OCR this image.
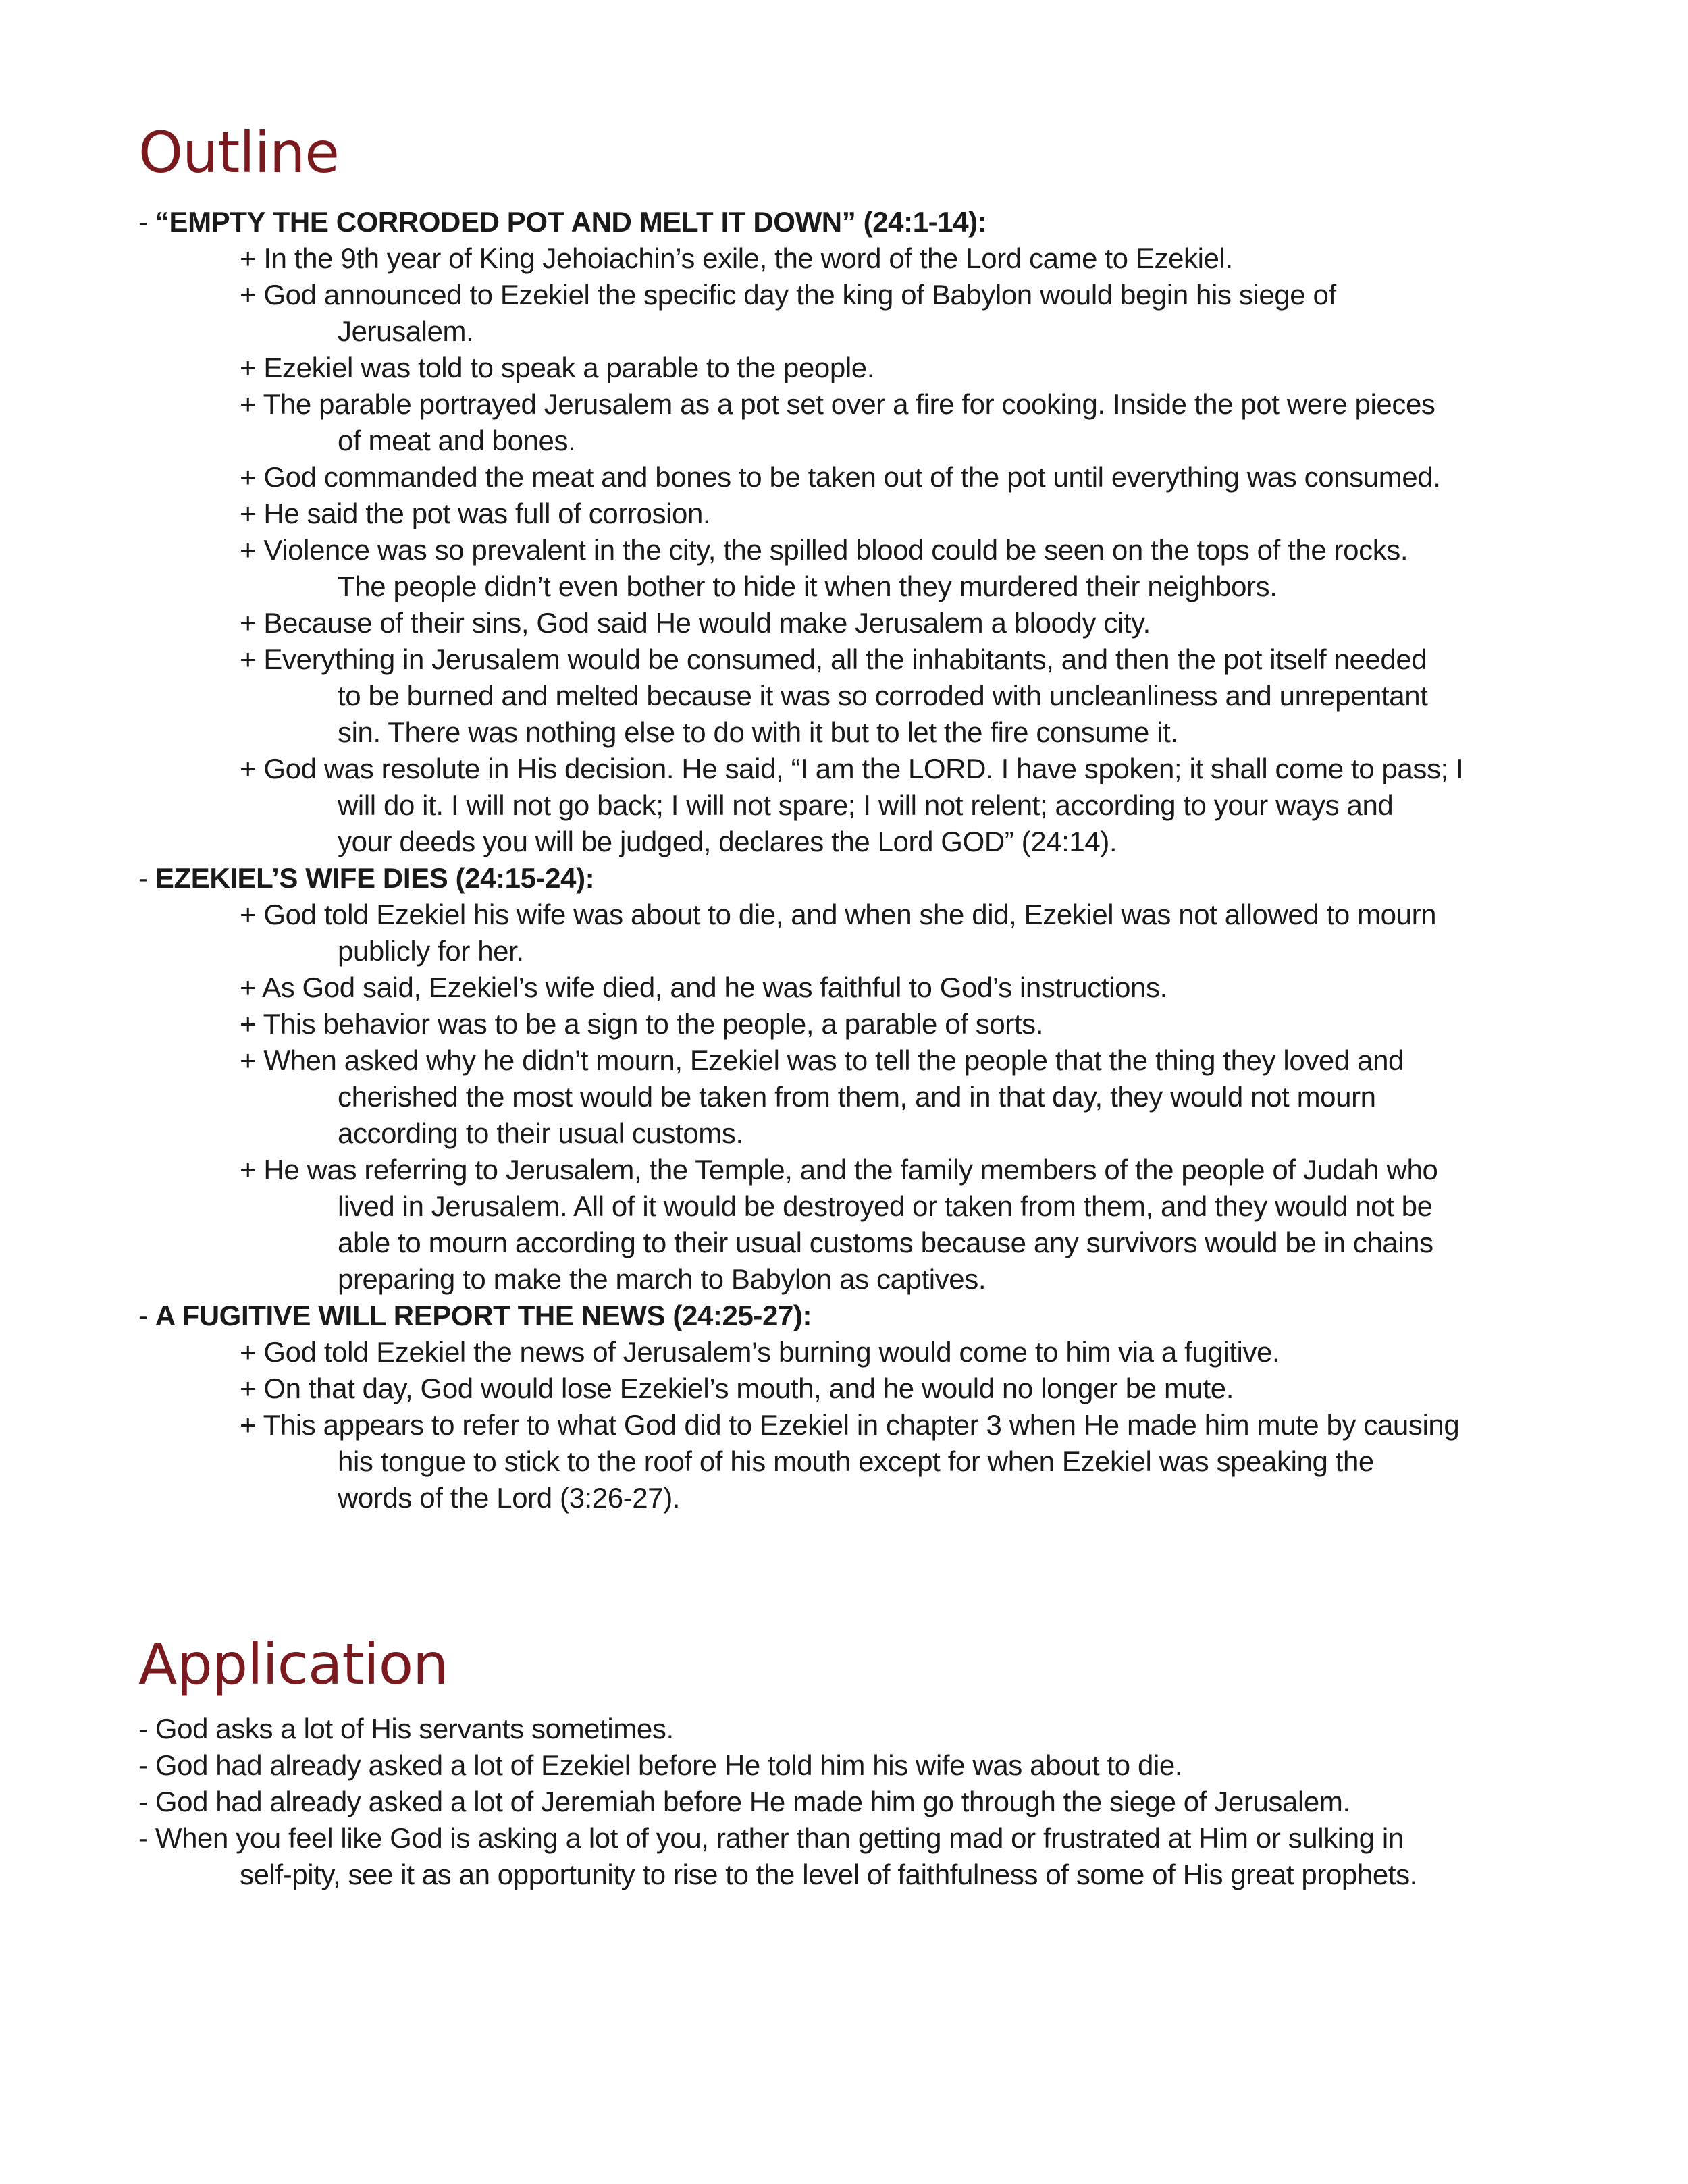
Outline
- “EMPTY THE CORRODED POT AND MELT IT DOWN” (24:1-14):
+ In the 9th year of King Jehoiachin’s exile, the word of the Lord came to Ezekiel.
+ God announced to Ezekiel the specific day the king of Babylon would begin his siege of
Jerusalem.
+ Ezekiel was told to speak a parable to the people.
+ The parable portrayed Jerusalem as a pot set over a fire for cooking. Inside the pot were pieces
of meat and bones.
+ God commanded the meat and bones to be taken out of the pot until everything was consumed.
+ He said the pot was full of corrosion.
+ Violence was so prevalent in the city, the spilled blood could be seen on the tops of the rocks.
The people didn’t even bother to hide it when they murdered their neighbors.
+ Because of their sins, God said He would make Jerusalem a bloody city.
+ Everything in Jerusalem would be consumed, all the inhabitants, and then the pot itself needed
to be burned and melted because it was so corroded with uncleanliness and unrepentant
sin. There was nothing else to do with it but to let the fire consume it.
+ God was resolute in His decision. He said, “I am the LORD. I have spoken; it shall come to pass; I
will do it. I will not go back; I will not spare; I will not relent; according to your ways and
your deeds you will be judged, declares the Lord GOD” (24:14).
- EZEKIEL’S WIFE DIES (24:15-24):
+ God told Ezekiel his wife was about to die, and when she did, Ezekiel was not allowed to mourn
publicly for her.
+ As God said, Ezekiel’s wife died, and he was faithful to God’s instructions.
+ This behavior was to be a sign to the people, a parable of sorts.
+ When asked why he didn’t mourn, Ezekiel was to tell the people that the thing they loved and
cherished the most would be taken from them, and in that day, they would not mourn
according to their usual customs.
+ He was referring to Jerusalem, the Temple, and the family members of the people of Judah who
lived in Jerusalem. All of it would be destroyed or taken from them, and they would not be
able to mourn according to their usual customs because any survivors would be in chains
preparing to make the march to Babylon as captives.
- A FUGITIVE WILL REPORT THE NEWS (24:25-27):
+ God told Ezekiel the news of Jerusalem’s burning would come to him via a fugitive.
+ On that day, God would lose Ezekiel’s mouth, and he would no longer be mute.
+ This appears to refer to what God did to Ezekiel in chapter 3 when He made him mute by causing
his tongue to stick to the roof of his mouth except for when Ezekiel was speaking the
words of the Lord (3:26-27).
Application
- God asks a lot of His servants sometimes.
- God had already asked a lot of Ezekiel before He told him his wife was about to die.
- God had already asked a lot of Jeremiah before He made him go through the siege of Jerusalem.
- When you feel like God is asking a lot of you, rather than getting mad or frustrated at Him or sulking in
self-pity, see it as an opportunity to rise to the level of faithfulness of some of His great prophets.
